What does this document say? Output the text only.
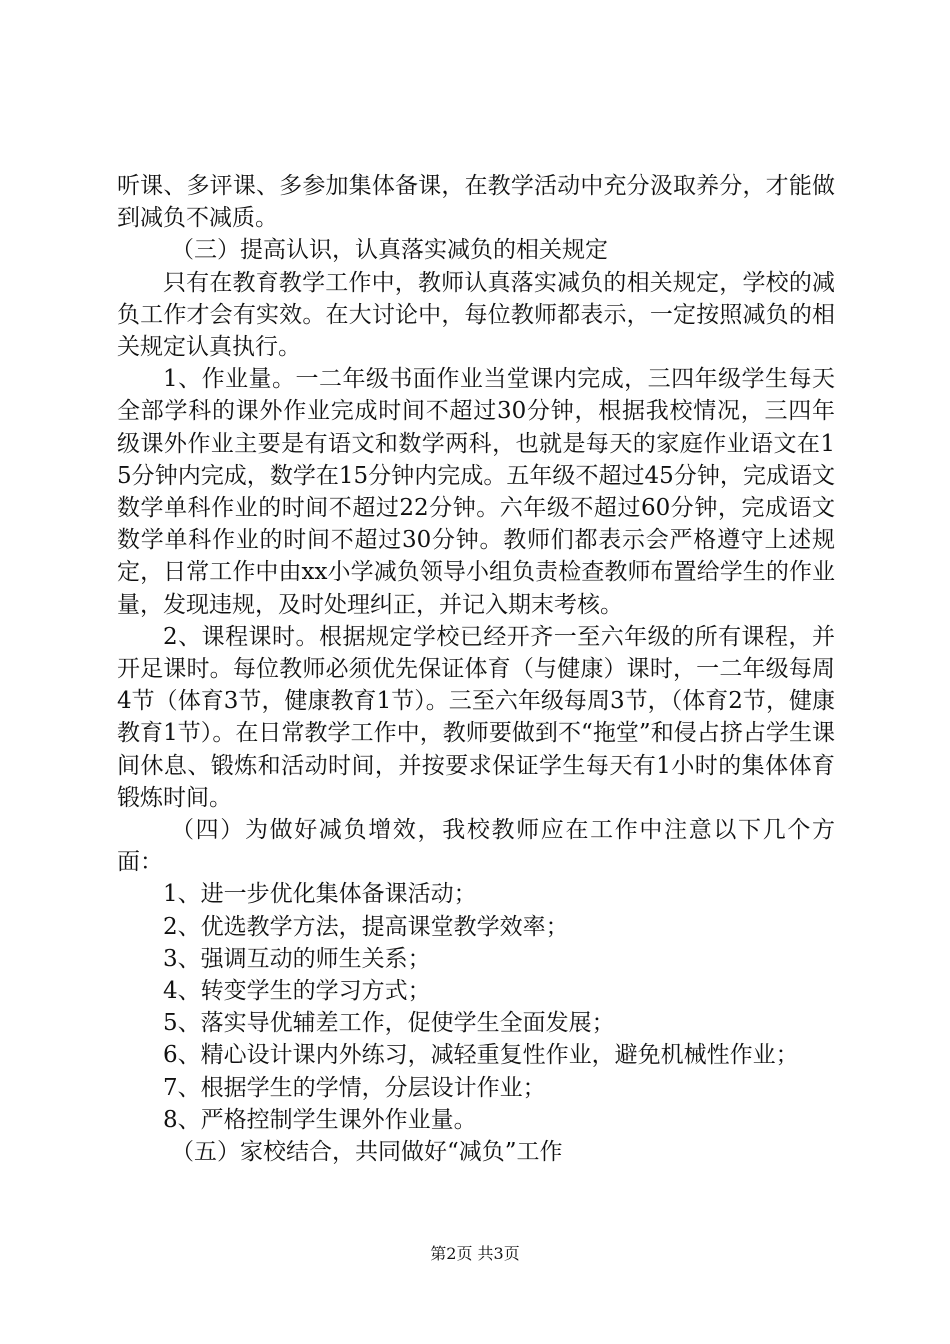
听课、多评课、多参加集体备课，在教学活动中充分汲取养分，才能做到减负不减质。

（三）提高认识，认真落实减负的相关规定

只有在教育教学工作中，教师认真落实减负的相关规定，学校的减负工作才会有实效。在大讨论中，每位教师都表示，一定按照减负的相关规定认真执行。

1、作业量。一二年级书面作业当堂课内完成，三四年级学生每天全部学科的课外作业完成时间不超过30分钟，根据我校情况，三四年级课外作业主要是有语文和数学两科，也就是每天的家庭作业语文在15分钟内完成，数学在15分钟内完成。五年级不超过45分钟，完成语文数学单科作业的时间不超过22分钟。六年级不超过60分钟，完成语文数学单科作业的时间不超过30分钟。教师们都表示会严格遵守上述规定，日常工作中由xx小学减负领导小组负责检查教师布置给学生的作业量，发现违规，及时处理纠正，并记入期末考核。

2、课程课时。根据规定学校已经开齐一至六年级的所有课程，并开足课时。每位教师必须优先保证体育（与健康）课时，一二年级每周4节（体育3节，健康教育1节）。三至六年级每周3节，（体育2节，健康教育1节）。在日常教学工作中，教师要做到不“拖堂”和侵占挤占学生课间休息、锻炼和活动时间，并按要求保证学生每天有1小时的集体体育锻炼时间。

（四）为做好减负增效，我校教师应在工作中注意以下几个方面：

1、进一步优化集体备课活动；

2、优选教学方法，提高课堂教学效率；

3、强调互动的师生关系；

4、转变学生的学习方式；

5、落实导优辅差工作，促使学生全面发展；

6、精心设计课内外练习，减轻重复性作业，避免机械性作业；

7、根据学生的学情，分层设计作业；

8、严格控制学生课外作业量。

（五）家校结合，共同做好“减负”工作

第2页 共3页
